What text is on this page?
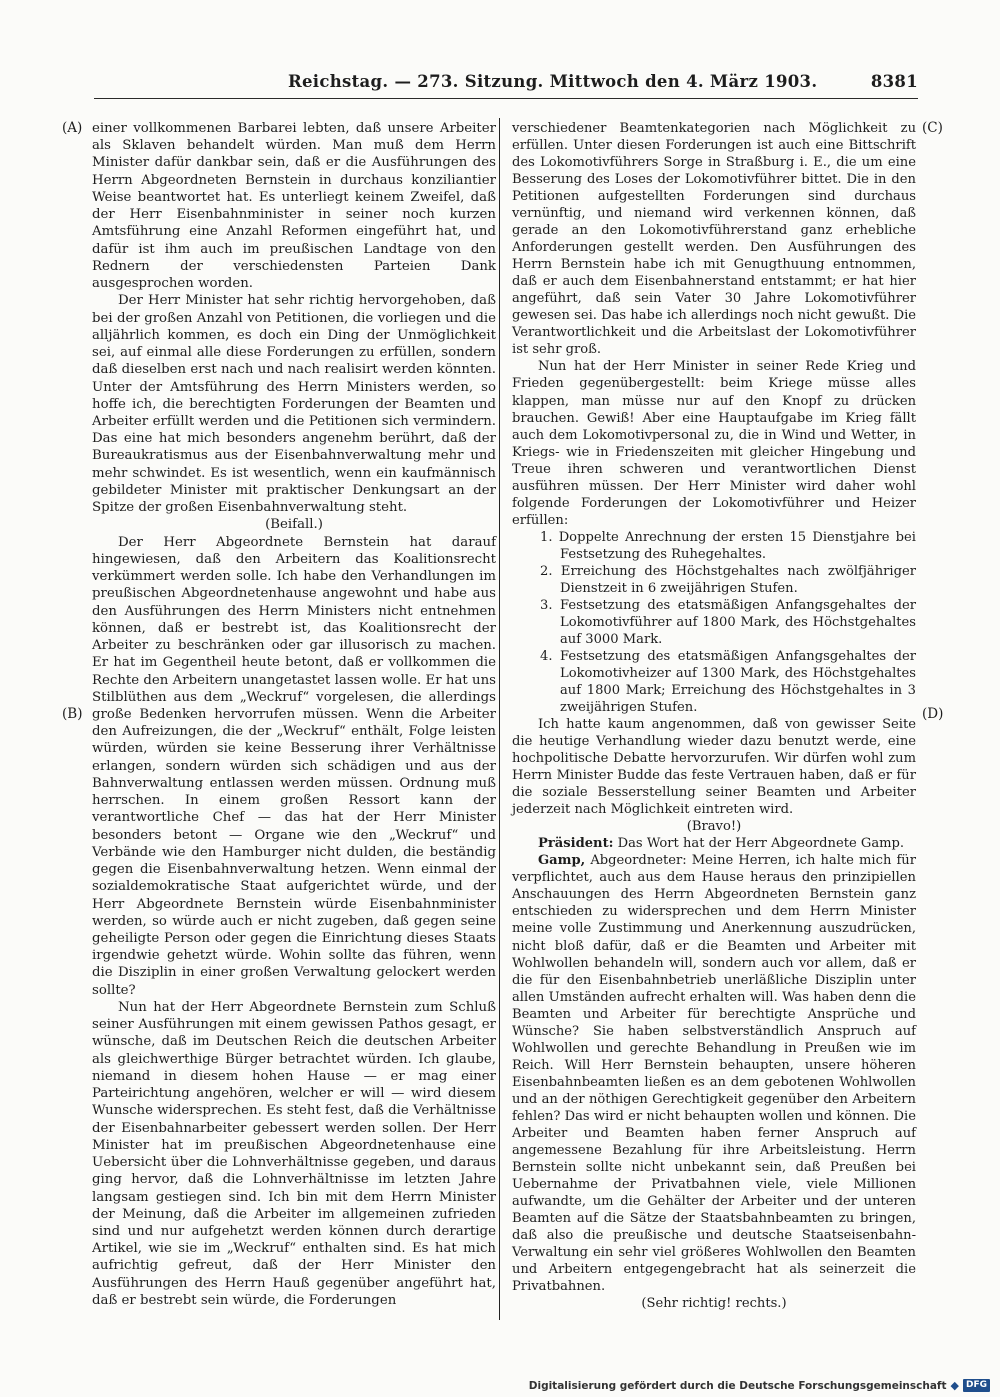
Reichstag. — 273. Sitzung. Mittwoch den 4. März 1903.	8381
(A)
(B)
(C)
(D)

einer vollkommenen Barbarei lebten, daß unsere Arbeiter als Sklaven behandelt würden. Man muß dem Herrn Minister dafür dankbar sein, daß er die Ausführungen des Herrn Abgeordneten Bernstein in durchaus konziliantier Weise beantwortet hat. Es unterliegt keinem Zweifel, daß der Herr Eisenbahnminister in seiner noch kurzen Amtsführung eine Anzahl Reformen eingeführt hat, und dafür ist ihm auch im preußischen Landtage von den Rednern der verschiedensten Parteien Dank ausgesprochen worden.

Der Herr Minister hat sehr richtig hervorgehoben, daß bei der großen Anzahl von Petitionen, die vorliegen und die alljährlich kommen, es doch ein Ding der Unmöglichkeit sei, auf einmal alle diese Forderungen zu erfüllen, sondern daß dieselben erst nach und nach realisirt werden könnten. Unter der Amtsführung des Herrn Ministers werden, so hoffe ich, die berechtigten Forderungen der Beamten und Arbeiter erfüllt werden und die Petitionen sich vermindern. Das eine hat mich besonders angenehm berührt, daß der Bureaukratismus aus der Eisenbahnverwaltung mehr und mehr schwindet. Es ist wesentlich, wenn ein kaufmännisch gebildeter Minister mit praktischer Denkungsart an der Spitze der großen Eisenbahnverwaltung steht.

(Beifall.)

Der Herr Abgeordnete Bernstein hat darauf hingewiesen, daß den Arbeitern das Koalitionsrecht verkümmert werden solle. Ich habe den Verhandlungen im preußischen Abgeordnetenhause angewohnt und habe aus den Ausführungen des Herrn Ministers nicht entnehmen können, daß er bestrebt ist, das Koalitionsrecht der Arbeiter zu beschränken oder gar illusorisch zu machen. Er hat im Gegentheil heute betont, daß er vollkommen die Rechte den Arbeitern unangetastet lassen wolle. Er hat uns Stilblüthen aus dem „Weckruf“ vorgelesen, die allerdings große Bedenken hervorrufen müssen. Wenn die Arbeiter den Aufreizungen, die der „Weckruf“ enthält, Folge leisten würden, würden sie keine Besserung ihrer Verhältnisse erlangen, sondern würden sich schädigen und aus der Bahnverwaltung entlassen werden müssen. Ordnung muß herrschen. In einem großen Ressort kann der verantwortliche Chef — das hat der Herr Minister besonders betont — Organe wie den „Weckruf“ und Verbände wie den Hamburger nicht dulden, die beständig gegen die Eisenbahnverwaltung hetzen. Wenn einmal der sozialdemokratische Staat aufgerichtet würde, und der Herr Abgeordnete Bernstein würde Eisenbahnminister werden, so würde auch er nicht zugeben, daß gegen seine geheiligte Person oder gegen die Einrichtung dieses Staats irgendwie gehetzt würde. Wohin sollte das führen, wenn die Disziplin in einer großen Verwaltung gelockert werden sollte?

Nun hat der Herr Abgeordnete Bernstein zum Schluß seiner Ausführungen mit einem gewissen Pathos gesagt, er wünsche, daß im Deutschen Reich die deutschen Arbeiter als gleichwerthige Bürger betrachtet würden. Ich glaube, niemand in diesem hohen Hause — er mag einer Parteirichtung angehören, welcher er will — wird diesem Wunsche widersprechen. Es steht fest, daß die Verhältnisse der Eisenbahnarbeiter gebessert werden sollen. Der Herr Minister hat im preußischen Abgeordnetenhause eine Uebersicht über die Lohnverhältnisse gegeben, und daraus ging hervor, daß die Lohnverhältnisse im letzten Jahre langsam gestiegen sind. Ich bin mit dem Herrn Minister der Meinung, daß die Arbeiter im allgemeinen zufrieden sind und nur aufgehetzt werden können durch derartige Artikel, wie sie im „Weckruf“ enthalten sind. Es hat mich aufrichtig gefreut, daß der Herr Minister den Ausführungen des Herrn Hauß gegenüber angeführt hat, daß er bestrebt sein würde, die Forderungen

verschiedener Beamtenkategorien nach Möglichkeit zu erfüllen. Unter diesen Forderungen ist auch eine Bittschrift des Lokomotivführers Sorge in Straßburg i. E., die um eine Besserung des Loses der Lokomotivführer bittet. Die in den Petitionen aufgestellten Forderungen sind durchaus vernünftig, und niemand wird verkennen können, daß gerade an den Lokomotivführerstand ganz erhebliche Anforderungen gestellt werden. Den Ausführungen des Herrn Bernstein habe ich mit Genugthuung entnommen, daß er auch dem Eisenbahnerstand entstammt; er hat hier angeführt, daß sein Vater 30 Jahre Lokomotivführer gewesen sei. Das habe ich allerdings noch nicht gewußt. Die Verantwortlichkeit und die Arbeitslast der Lokomotivführer ist sehr groß.

Nun hat der Herr Minister in seiner Rede Krieg und Frieden gegenübergestellt: beim Kriege müsse alles klappen, man müsse nur auf den Knopf zu drücken brauchen. Gewiß! Aber eine Hauptaufgabe im Krieg fällt auch dem Lokomotivpersonal zu, die in Wind und Wetter, in Kriegs- wie in Friedenszeiten mit gleicher Hingebung und Treue ihren schweren und verantwortlichen Dienst ausführen müssen. Der Herr Minister wird daher wohl folgende Forderungen der Lokomotivführer und Heizer erfüllen:

1. Doppelte Anrechnung der ersten 15 Dienstjahre bei Festsetzung des Ruhegehaltes.
2. Erreichung des Höchstgehaltes nach zwölfjähriger Dienstzeit in 6 zweijährigen Stufen.
3. Festsetzung des etatsmäßigen Anfangsgehaltes der Lokomotivführer auf 1800 Mark, des Höchstgehaltes auf 3000 Mark.
4. Festsetzung des etatsmäßigen Anfangsgehaltes der Lokomotivheizer auf 1300 Mark, des Höchstgehaltes auf 1800 Mark; Erreichung des Höchstgehaltes in 3 zweijährigen Stufen.

Ich hatte kaum angenommen, daß von gewisser Seite die heutige Verhandlung wieder dazu benutzt werde, eine hochpolitische Debatte hervorzurufen. Wir dürfen wohl zum Herrn Minister Budde das feste Vertrauen haben, daß er für die soziale Besserstellung seiner Beamten und Arbeiter jederzeit nach Möglichkeit eintreten wird.

(Bravo!)

Präsident: Das Wort hat der Herr Abgeordnete Gamp.

Gamp, Abgeordneter: Meine Herren, ich halte mich für verpflichtet, auch aus dem Hause heraus den prinzipiellen Anschauungen des Herrn Abgeordneten Bernstein ganz entschieden zu widersprechen und dem Herrn Minister meine volle Zustimmung und Anerkennung auszudrücken, nicht bloß dafür, daß er die Beamten und Arbeiter mit Wohlwollen behandeln will, sondern auch vor allem, daß er die für den Eisenbahnbetrieb unerläßliche Disziplin unter allen Umständen aufrecht erhalten will. Was haben denn die Beamten und Arbeiter für berechtigte Ansprüche und Wünsche? Sie haben selbstverständlich Anspruch auf Wohlwollen und gerechte Behandlung in Preußen wie im Reich. Will Herr Bernstein behaupten, unsere höheren Eisenbahnbeamten ließen es an dem gebotenen Wohlwollen und an der nöthigen Gerechtigkeit gegenüber den Arbeitern fehlen? Das wird er nicht behaupten wollen und können. Die Arbeiter und Beamten haben ferner Anspruch auf angemessene Bezahlung für ihre Arbeitsleistung. Herrn Bernstein sollte nicht unbekannt sein, daß Preußen bei Uebernahme der Privatbahnen viele, viele Millionen aufwandte, um die Gehälter der Arbeiter und der unteren Beamten auf die Sätze der Staatsbahnbeamten zu bringen, daß also die preußische und deutsche Staatseisenbahn-Verwaltung ein sehr viel größeres Wohlwollen den Beamten und Arbeitern entgegengebracht hat als seinerzeit die Privatbahnen.

(Sehr richtig! rechts.)

Digitalisierung gefördert durch die Deutsche Forschungsgemeinschaft ◆ DFG
